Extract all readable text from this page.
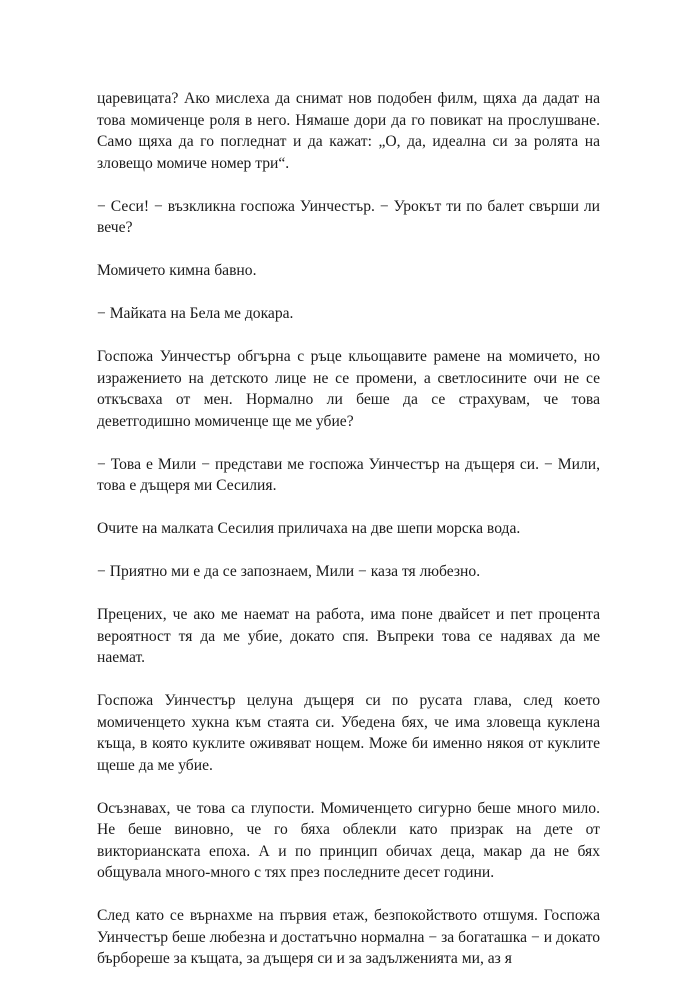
царевицата? Ако мислеха да снимат нов подобен филм, щяха да дадат на това момиченце роля в него. Нямаше дори да го повикат на прослушване. Само щяха да го погледнат и да кажат: „О, да, идеална си за ролята на зловещо момиче номер три“.

− Сеси! − възкликна госпожа Уинчестър. − Урокът ти по балет свърши ли вече?

Момичето кимна бавно.

− Майката на Бела ме докара.

Госпожа Уинчестър обгърна с ръце кльощавите рамене на момичето, но изражението на детското лице не се промени, а светлосините очи не се откъсваха от мен. Нормално ли беше да се страхувам, че това деветгодишно момиченце ще ме убие?

− Това е Мили − представи ме госпожа Уинчестър на дъщеря си. − Мили, това е дъщеря ми Сесилия.

Очите на малката Сесилия приличаха на две шепи морска вода.

− Приятно ми е да се запознаем, Мили − каза тя любезно.

Прецених, че ако ме наемат на работа, има поне двайсет и пет процента вероятност тя да ме убие, докато спя. Въпреки това се надявах да ме наемат.

Госпожа Уинчестър целуна дъщеря си по русата глава, след което момиченцето хукна към стаята си. Убедена бях, че има зловеща куклена къща, в която куклите оживяват нощем. Може би именно някоя от куклите щеше да ме убие.

Осъзнавах, че това са глупости. Момиченцето сигурно беше много мило. Не беше виновно, че го бяха облекли като призрак на дете от викторианската епоха. А и по принцип обичах деца, макар да не бях общувала много-много с тях през последните десет години.

След като се върнахме на първия етаж, безпокойството отшумя. Госпожа Уинчестър беше любезна и достатъчно нормална − за богаташка − и докато бърбореше за къщата, за дъщеря си и за задълженията ми, аз я
